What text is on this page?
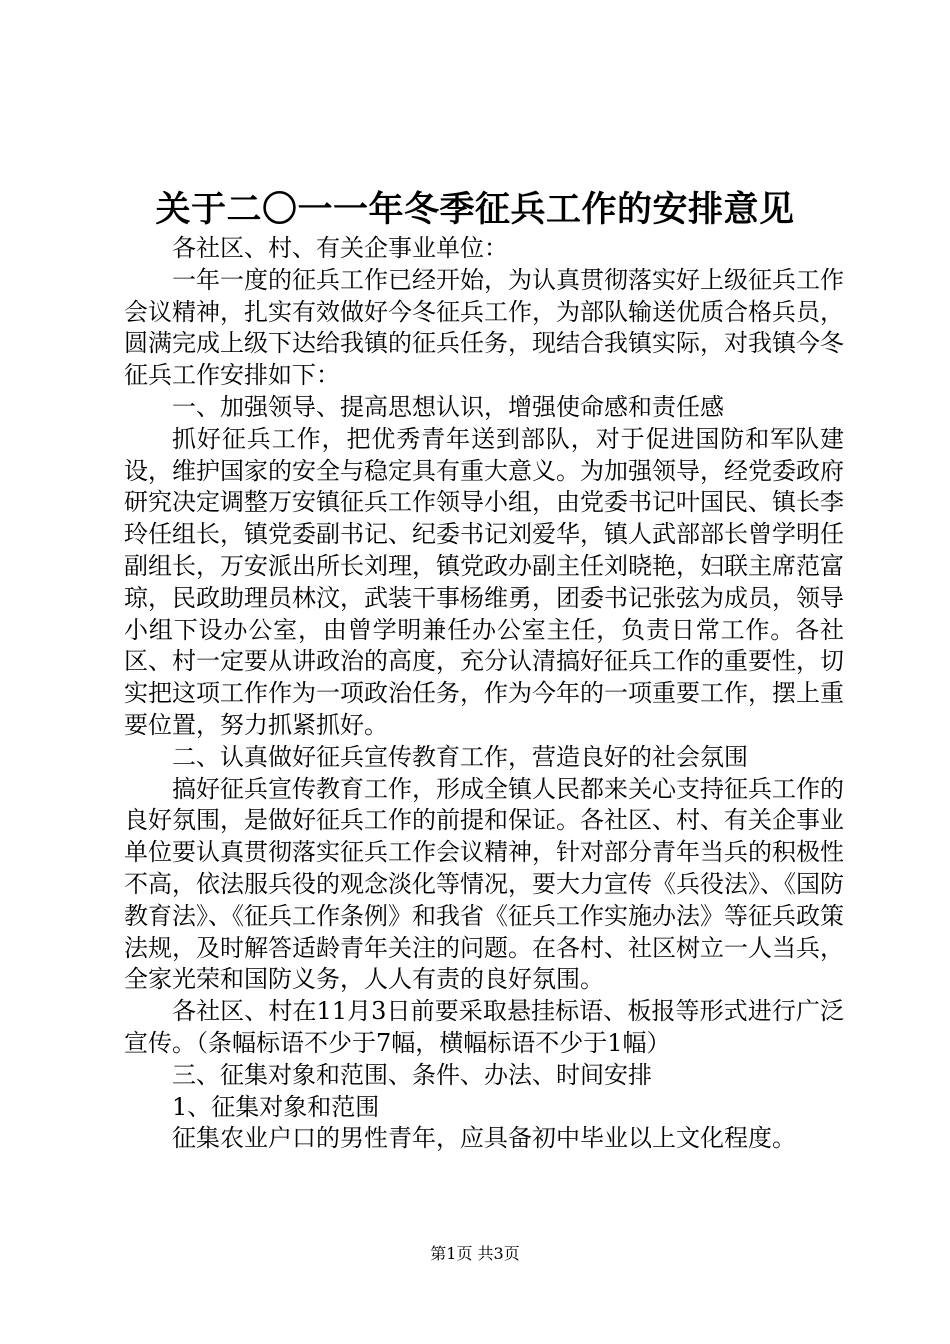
关于二〇一一年冬季征兵工作的安排意见

各社区、村、有关企事业单位：

一年一度的征兵工作已经开始，为认真贯彻落实好上级征兵工作会议精神，扎实有效做好今冬征兵工作，为部队输送优质合格兵员，圆满完成上级下达给我镇的征兵任务，现结合我镇实际，对我镇今冬征兵工作安排如下：

一、加强领导、提高思想认识，增强使命感和责任感

抓好征兵工作，把优秀青年送到部队，对于促进国防和军队建设，维护国家的安全与稳定具有重大意义。为加强领导，经党委政府研究决定调整万安镇征兵工作领导小组，由党委书记叶国民、镇长李玲任组长，镇党委副书记、纪委书记刘爱华，镇人武部部长曾学明任副组长，万安派出所长刘理，镇党政办副主任刘晓艳，妇联主席范富琼，民政助理员林汶，武装干事杨维勇，团委书记张弦为成员，领导小组下设办公室，由曾学明兼任办公室主任，负责日常工作。各社区、村一定要从讲政治的高度，充分认清搞好征兵工作的重要性，切实把这项工作作为一项政治任务，作为今年的一项重要工作，摆上重要位置，努力抓紧抓好。

二、认真做好征兵宣传教育工作，营造良好的社会氛围

搞好征兵宣传教育工作，形成全镇人民都来关心支持征兵工作的良好氛围，是做好征兵工作的前提和保证。各社区、村、有关企事业单位要认真贯彻落实征兵工作会议精神，针对部分青年当兵的积极性不高，依法服兵役的观念淡化等情况，要大力宣传《兵役法》、《国防教育法》、《征兵工作条例》和我省《征兵工作实施办法》等征兵政策法规，及时解答适龄青年关注的问题。在各村、社区树立一人当兵，全家光荣和国防义务，人人有责的良好氛围。

各社区、村在11月3日前要采取悬挂标语、板报等形式进行广泛宣传。（条幅标语不少于7幅，横幅标语不少于1幅）

三、征集对象和范围、条件、办法、时间安排

1、征集对象和范围

征集农业户口的男性青年，应具备初中毕业以上文化程度。

第1页 共3页
